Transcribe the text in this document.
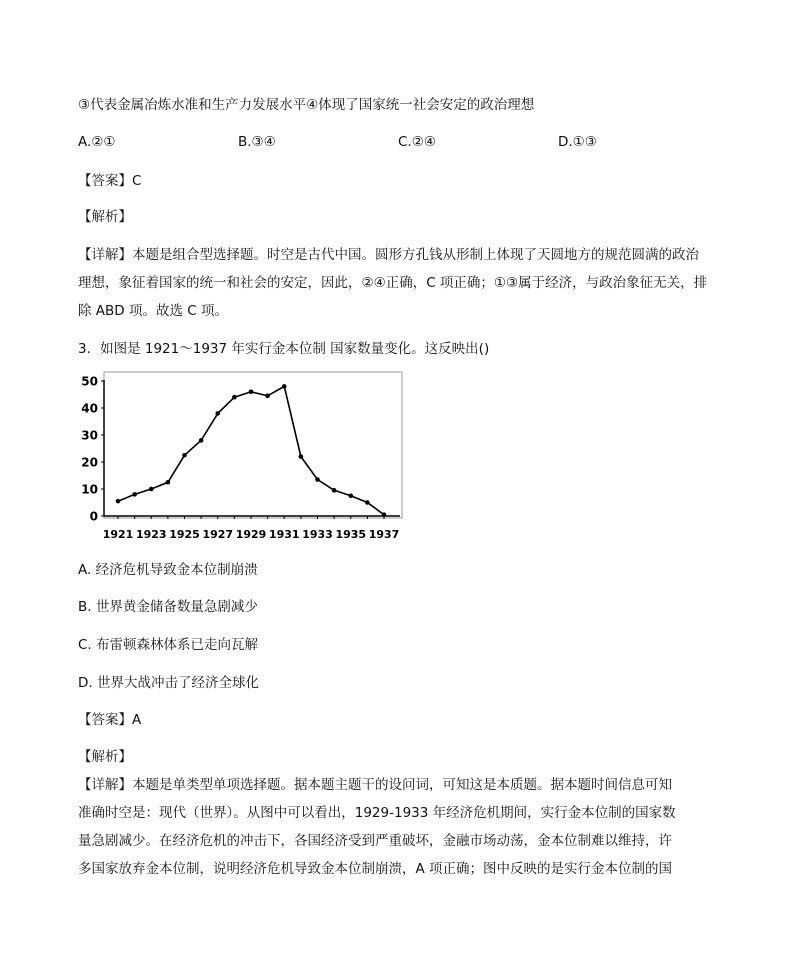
③代表金属冶炼水准和生产力发展水平④体现了国家统一社会安定的政治理想
A.②①	B.③④	C.②④	D.①③
【答案】C
【解析】
【详解】本题是组合型选择题。时空是古代中国。圆形方孔钱从形制上体现了天圆地方的规范圆满的政治
理想，象征着国家的统一和社会的安定，因此，②④正确，C 项正确；①③属于经济，与政治象征无关，排
除 ABD 项。故选 C 项。
3．如图是 1921～1937 年实行金本位制 国家数量变化。这反映出()
0
10
20
30
40
50
1921 1923 1925 1927 1929 1931 1933 1935 1937
A. 经济危机导致金本位制崩溃
B. 世界黄金储备数量急剧减少
C. 布雷顿森林体系已走向瓦解
D. 世界大战冲击了经济全球化
【答案】A
【解析】
【详解】本题是单类型单项选择题。据本题主题干的设问词，可知这是本质题。据本题时间信息可知
准确时空是：现代（世界）。从图中可以看出，1929-1933 年经济危机期间，实行金本位制的国家数
量急剧减少。在经济危机的冲击下，各国经济受到严重破坏，金融市场动荡，金本位制难以维持，许
多国家放弃金本位制，说明经济危机导致金本位制崩溃，A 项正确；图中反映的是实行金本位制的国
